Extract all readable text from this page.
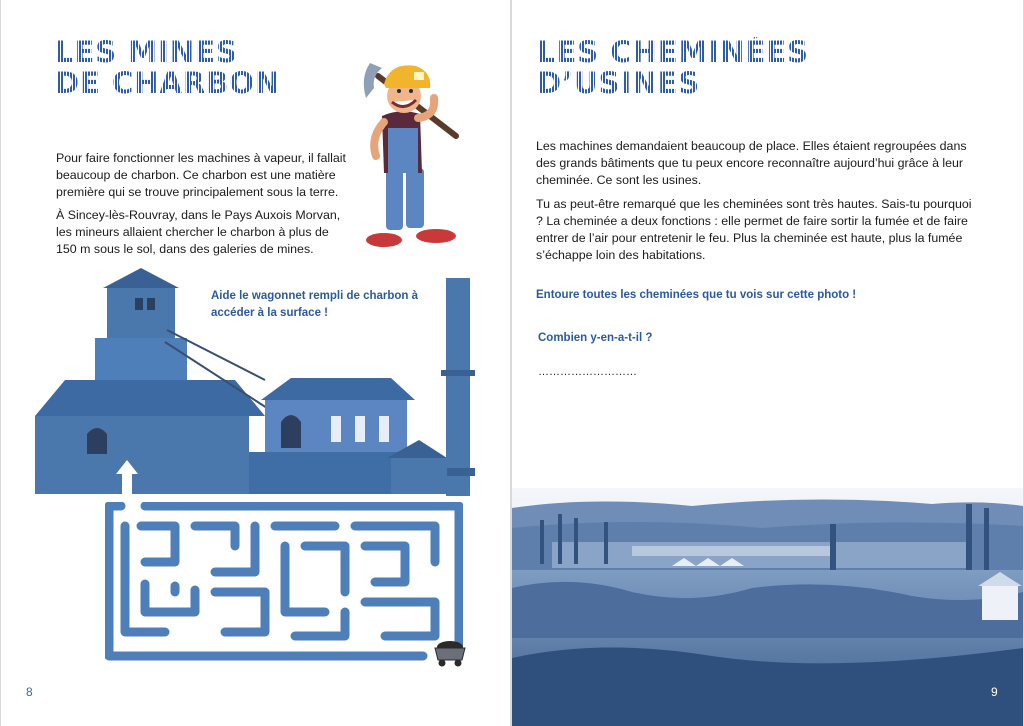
LES MINES
DE CHARBON

Pour faire fonctionner les machines à vapeur, il fallait beaucoup de charbon. Ce charbon est une matière première qui se trouve principalement sous la terre.

À Sincey-lès-Rouvray, dans le Pays Auxois Morvan, les mineurs allaient chercher le charbon à plus de 150 m sous le sol, dans des galeries de mines.

Aide le wagonnet rempli de charbon à accéder à la surface !

8
LES CHEMINÉES
D’USINES

Les machines demandaient beaucoup de place. Elles étaient regroupées dans des grands bâtiments que tu peux encore reconnaître aujourd’hui grâce à leur cheminée. Ce sont les usines.

Tu as peut-être remarqué que les cheminées sont très hautes. Sais-tu pourquoi ? La cheminée a deux fonctions : elle permet de faire sortir la fumée et de faire entrer de l’air pour entretenir le feu. Plus la cheminée est haute, plus la fumée s’échappe loin des habitations.

Entoure toutes les cheminées que tu vois sur cette photo !

Combien y-en-a-t-il ?

………………………
9
